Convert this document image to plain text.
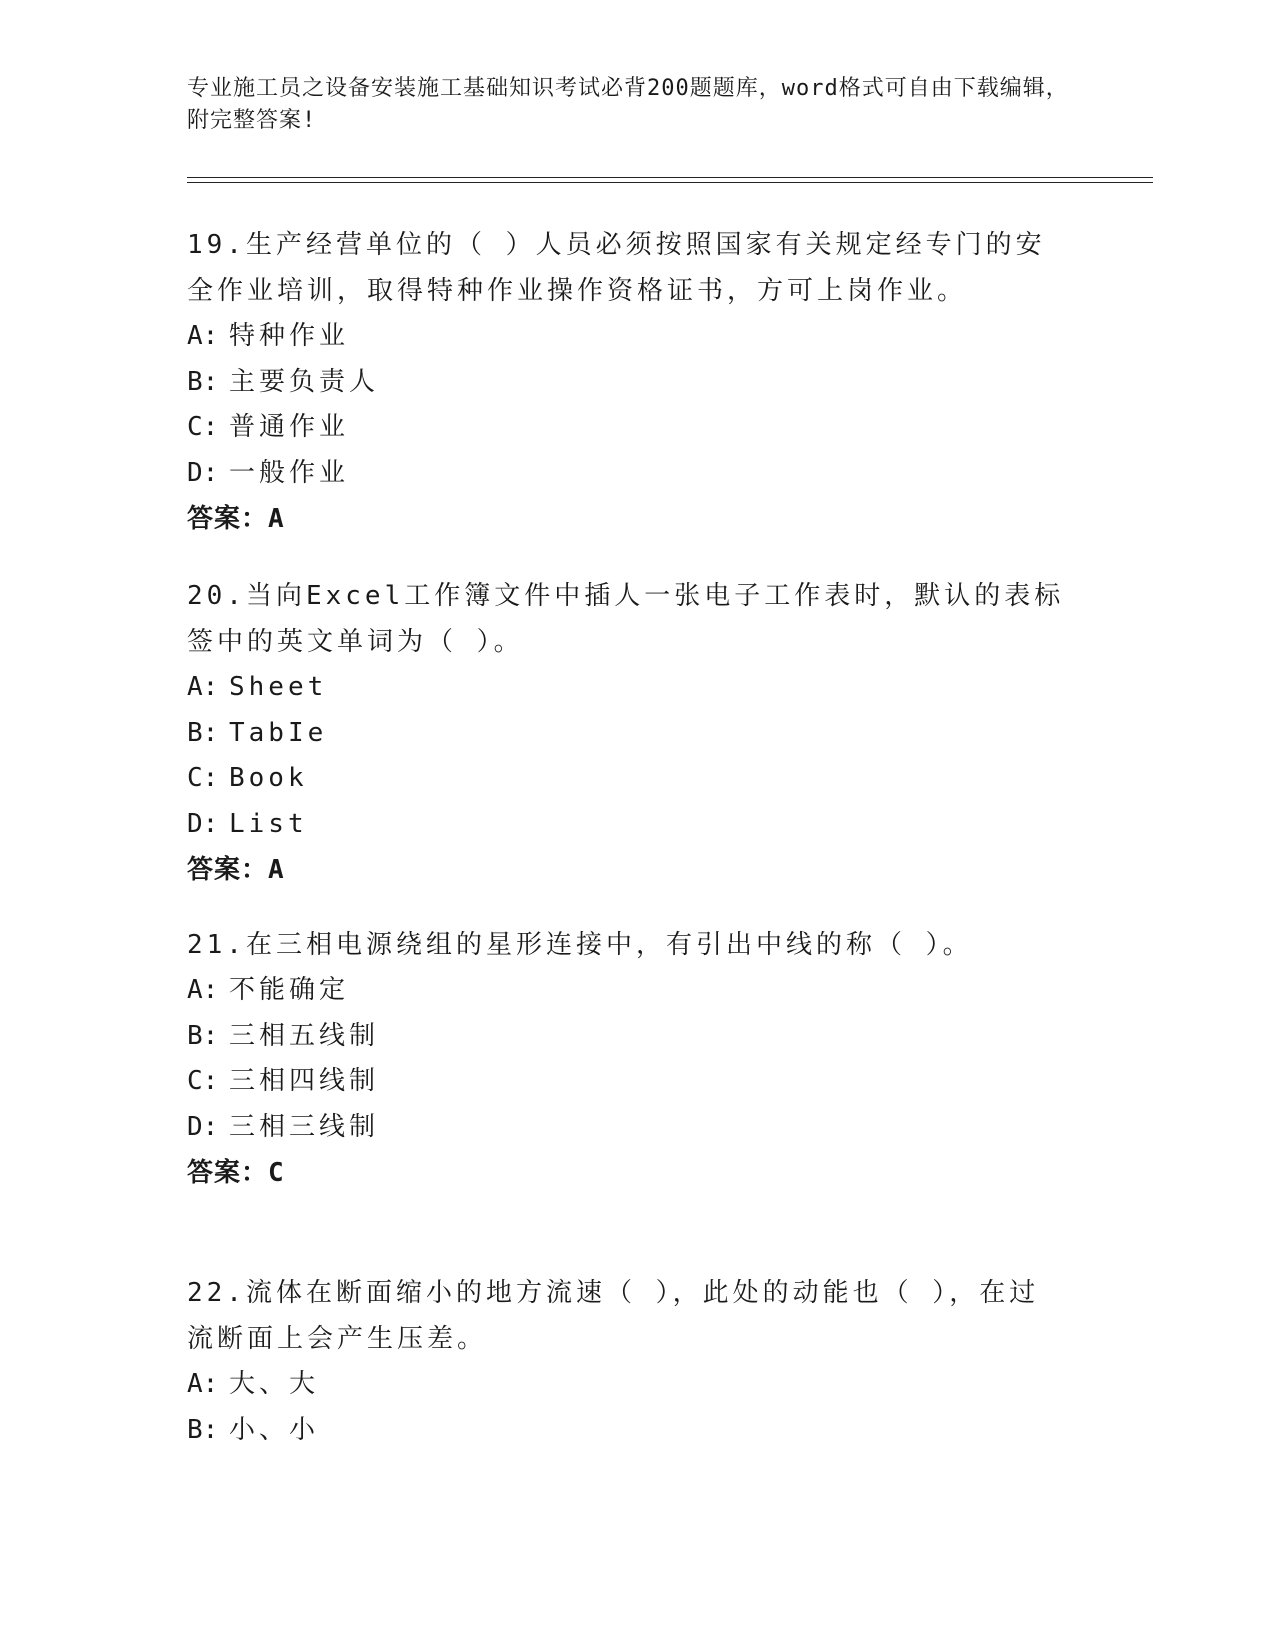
专业施工员之设备安装施工基础知识考试必背200题题库，word格式可自由下载编辑，附完整答案!

19.生产经营单位的（ ）人员必须按照国家有关规定经专门的安全作业培训，取得特种作业操作资格证书，方可上岗作业。

A: 特种作业

B: 主要负责人

C: 普通作业

D: 一般作业

答案：A

20.当向Excel工作簿文件中插人一张电子工作表时，默认的表标签中的英文单词为（ ）。

A: Sheet

B: TabIe

C: Book

D: List

答案：A

21.在三相电源绕组的星形连接中，有引出中线的称（ ）。

A: 不能确定

B: 三相五线制

C: 三相四线制

D: 三相三线制

答案：C

22.流体在断面缩小的地方流速（ ），此处的动能也（ ），在过流断面上会产生压差。

A: 大、大

B: 小、小
